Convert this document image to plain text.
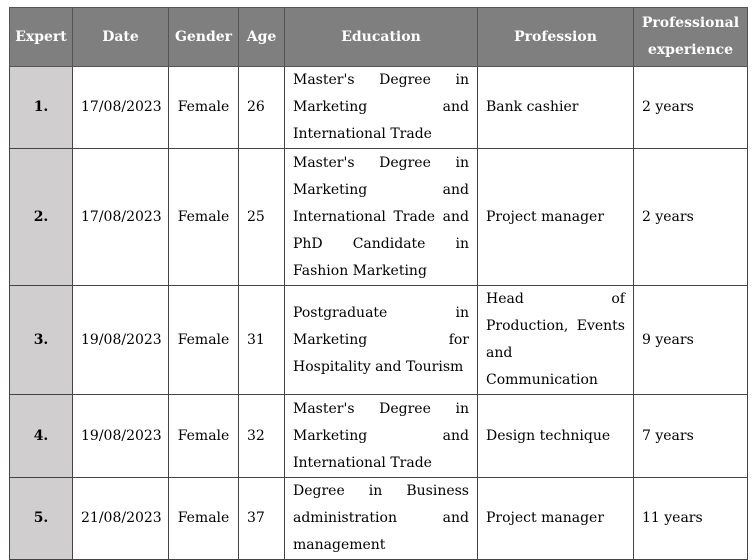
Expert	Date	Gender	Age	Education	Profession	Professional experience
1.	17/08/2023	Female	26	Master's Degree in Marketing and International Trade	Bank cashier	2 years
2.	17/08/2023	Female	25	Master's Degree in Marketing and International Trade and PhD Candidate in Fashion Marketing	Project manager	2 years
3.	19/08/2023	Female	31	Postgraduate in Marketing for Hospitality and Tourism	Head of Production, Events and Communication	9 years
4.	19/08/2023	Female	32	Master's Degree in Marketing and International Trade	Design technique	7 years
5.	21/08/2023	Female	37	Degree in Business administration and management	Project manager	11 years
